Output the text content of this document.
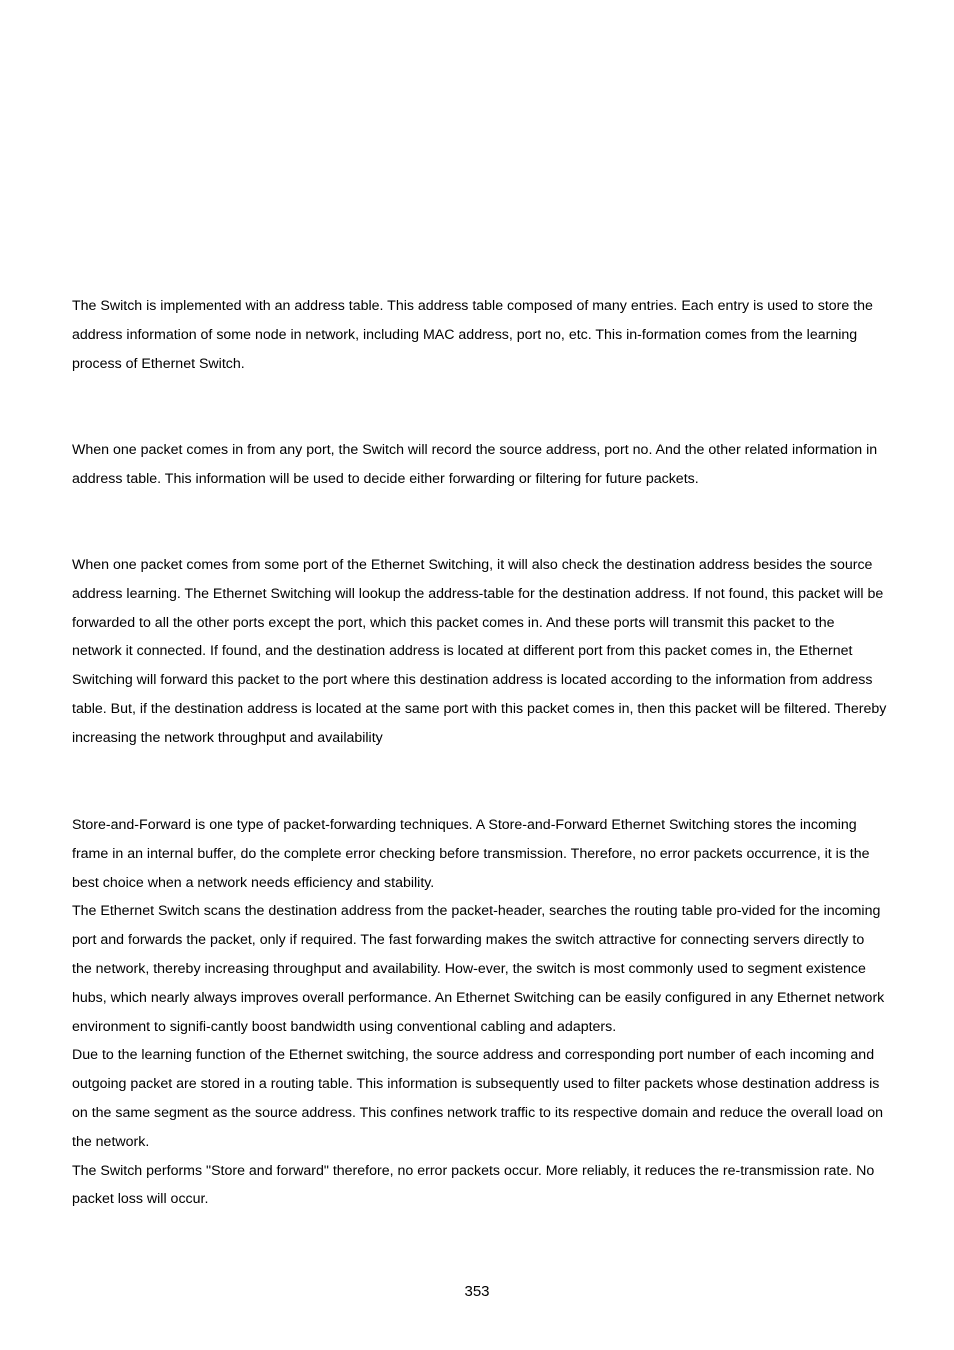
The Switch is implemented with an address table. This address table composed of many entries. Each entry is used to store the address information of some node in network, including MAC address, port no, etc. This in-formation comes from the learning process of Ethernet Switch.

When one packet comes in from any port, the Switch will record the source address, port no. And the other related information in address table. This information will be used to decide either forwarding or filtering for future packets.

When one packet comes from some port of the Ethernet Switching, it will also check the destination address besides the source address learning. The Ethernet Switching will lookup the address-table for the destination address. If not found, this packet will be forwarded to all the other ports except the port, which this packet comes in. And these ports will transmit this packet to the network it connected. If found, and the destination address is located at different port from this packet comes in, the Ethernet Switching will forward this packet to the port where this destination address is located according to the information from address table. But, if the destination address is located at the same port with this packet comes in, then this packet will be filtered. Thereby increasing the network throughput and availability

Store-and-Forward is one type of packet-forwarding techniques. A Store-and-Forward Ethernet Switching stores the incoming frame in an internal buffer, do the complete error checking before transmission. Therefore, no error packets occurrence, it is the best choice when a network needs efficiency and stability.
The Ethernet Switch scans the destination address from the packet-header, searches the routing table pro-vided for the incoming port and forwards the packet, only if required. The fast forwarding makes the switch attractive for connecting servers directly to the network, thereby increasing throughput and availability. How-ever, the switch is most commonly used to segment existence hubs, which nearly always improves overall performance. An Ethernet Switching can be easily configured in any Ethernet network environment to signifi-cantly boost bandwidth using conventional cabling and adapters.
Due to the learning function of the Ethernet switching, the source address and corresponding port number of each incoming and outgoing packet are stored in a routing table. This information is subsequently used to filter packets whose destination address is on the same segment as the source address. This confines network traffic to its respective domain and reduce the overall load on the network.
The Switch performs "Store and forward" therefore, no error packets occur. More reliably, it reduces the re-transmission rate. No packet loss will occur.

353
